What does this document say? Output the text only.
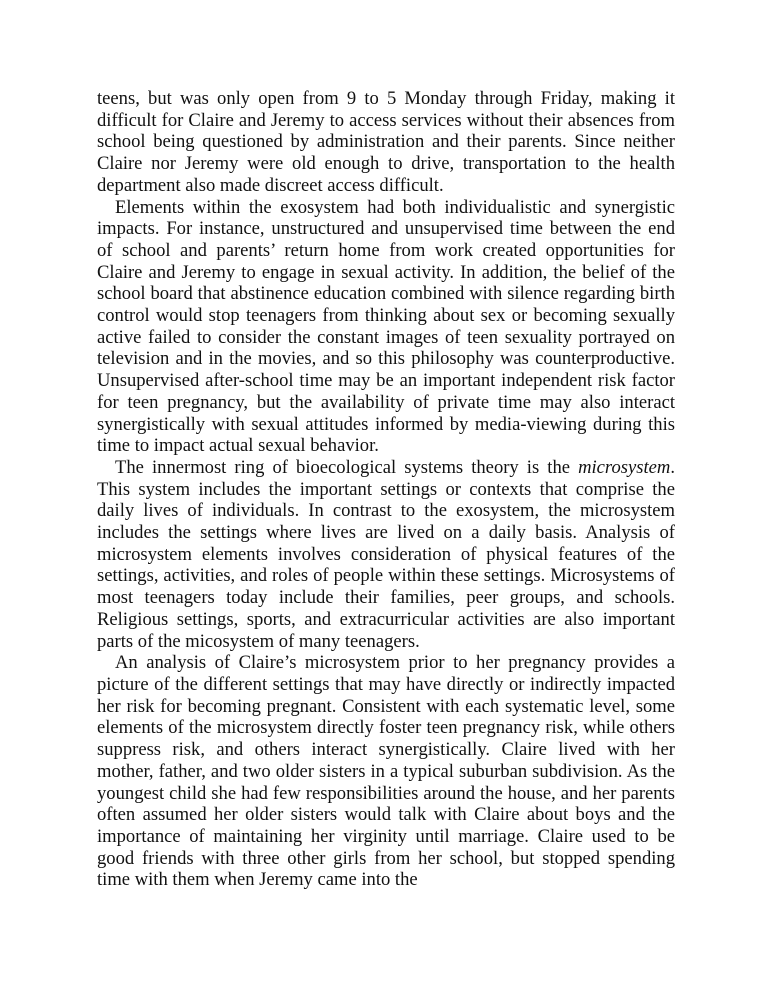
teens, but was only open from 9 to 5 Monday through Friday, making it difficult for Claire and Jeremy to access services without their absences from school being questioned by administration and their parents. Since neither Claire nor Jeremy were old enough to drive, transportation to the health department also made discreet access difficult.

Elements within the exosystem had both individualistic and synergistic impacts. For instance, unstructured and unsupervised time between the end of school and parents’ return home from work created opportunities for Claire and Jeremy to engage in sexual activity. In addition, the belief of the school board that abstinence education combined with silence regarding birth control would stop teenagers from thinking about sex or becoming sexually active failed to consider the constant images of teen sexuality portrayed on television and in the movies, and so this philosophy was counterproductive. Unsupervised after-school time may be an important independent risk factor for teen pregnancy, but the availability of private time may also interact synergistically with sexual attitudes informed by media-viewing during this time to impact actual sexual behavior.

The innermost ring of bioecological systems theory is the microsystem. This system includes the important settings or contexts that comprise the daily lives of individuals. In contrast to the exosystem, the microsystem includes the settings where lives are lived on a daily basis. Analysis of microsystem elements involves consideration of physical features of the settings, activities, and roles of people within these settings. Microsystems of most teenagers today include their families, peer groups, and schools. Religious settings, sports, and extracurricular activities are also important parts of the micosystem of many teenagers.

An analysis of Claire’s microsystem prior to her pregnancy provides a picture of the different settings that may have directly or indirectly impacted her risk for becoming pregnant. Consistent with each systematic level, some elements of the microsystem directly foster teen pregnancy risk, while others suppress risk, and others interact synergistically. Claire lived with her mother, father, and two older sisters in a typical suburban subdivision. As the youngest child she had few responsibilities around the house, and her parents often assumed her older sisters would talk with Claire about boys and the importance of maintaining her virginity until marriage. Claire used to be good friends with three other girls from her school, but stopped spending time with them when Jeremy came into the
